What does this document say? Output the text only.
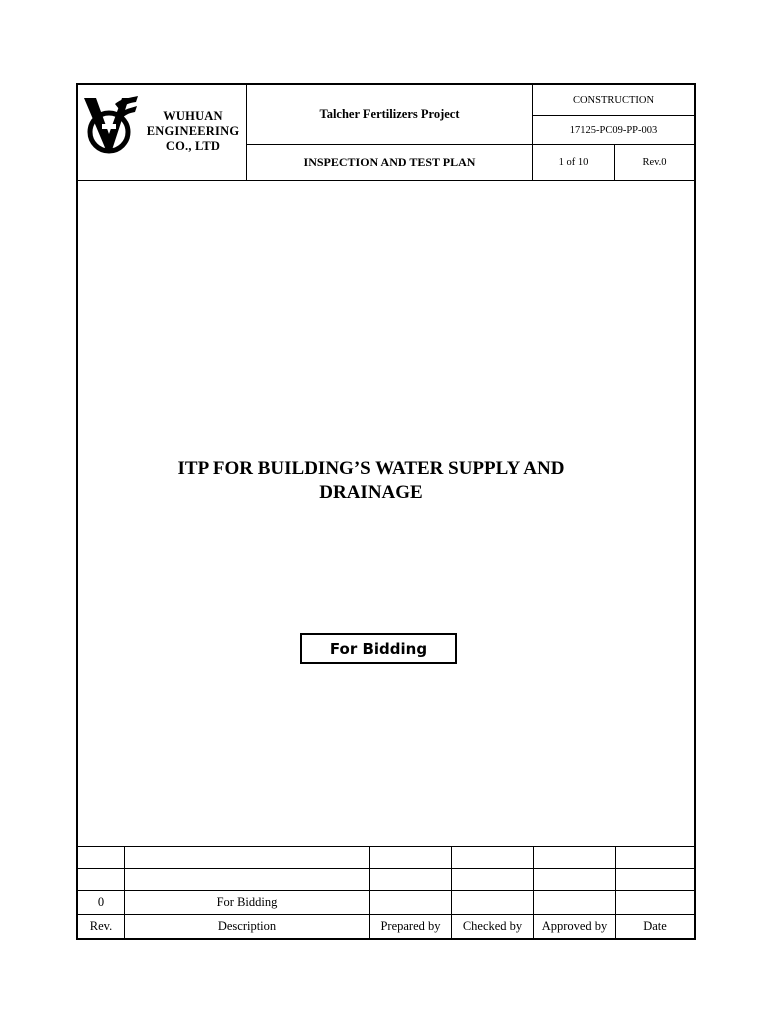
WUHUAN
ENGINEERING
CO., LTD
Talcher Fertilizers Project
CONSTRUCTION
17125-PC09-PP-003
INSPECTION AND TEST PLAN	1 of 10	Rev.0
ITP FOR BUILDING’S WATER SUPPLY AND
DRAINAGE
For Bidding
0	For Bidding
Rev.	Description	Prepared by	Checked by	Approved by	Date
